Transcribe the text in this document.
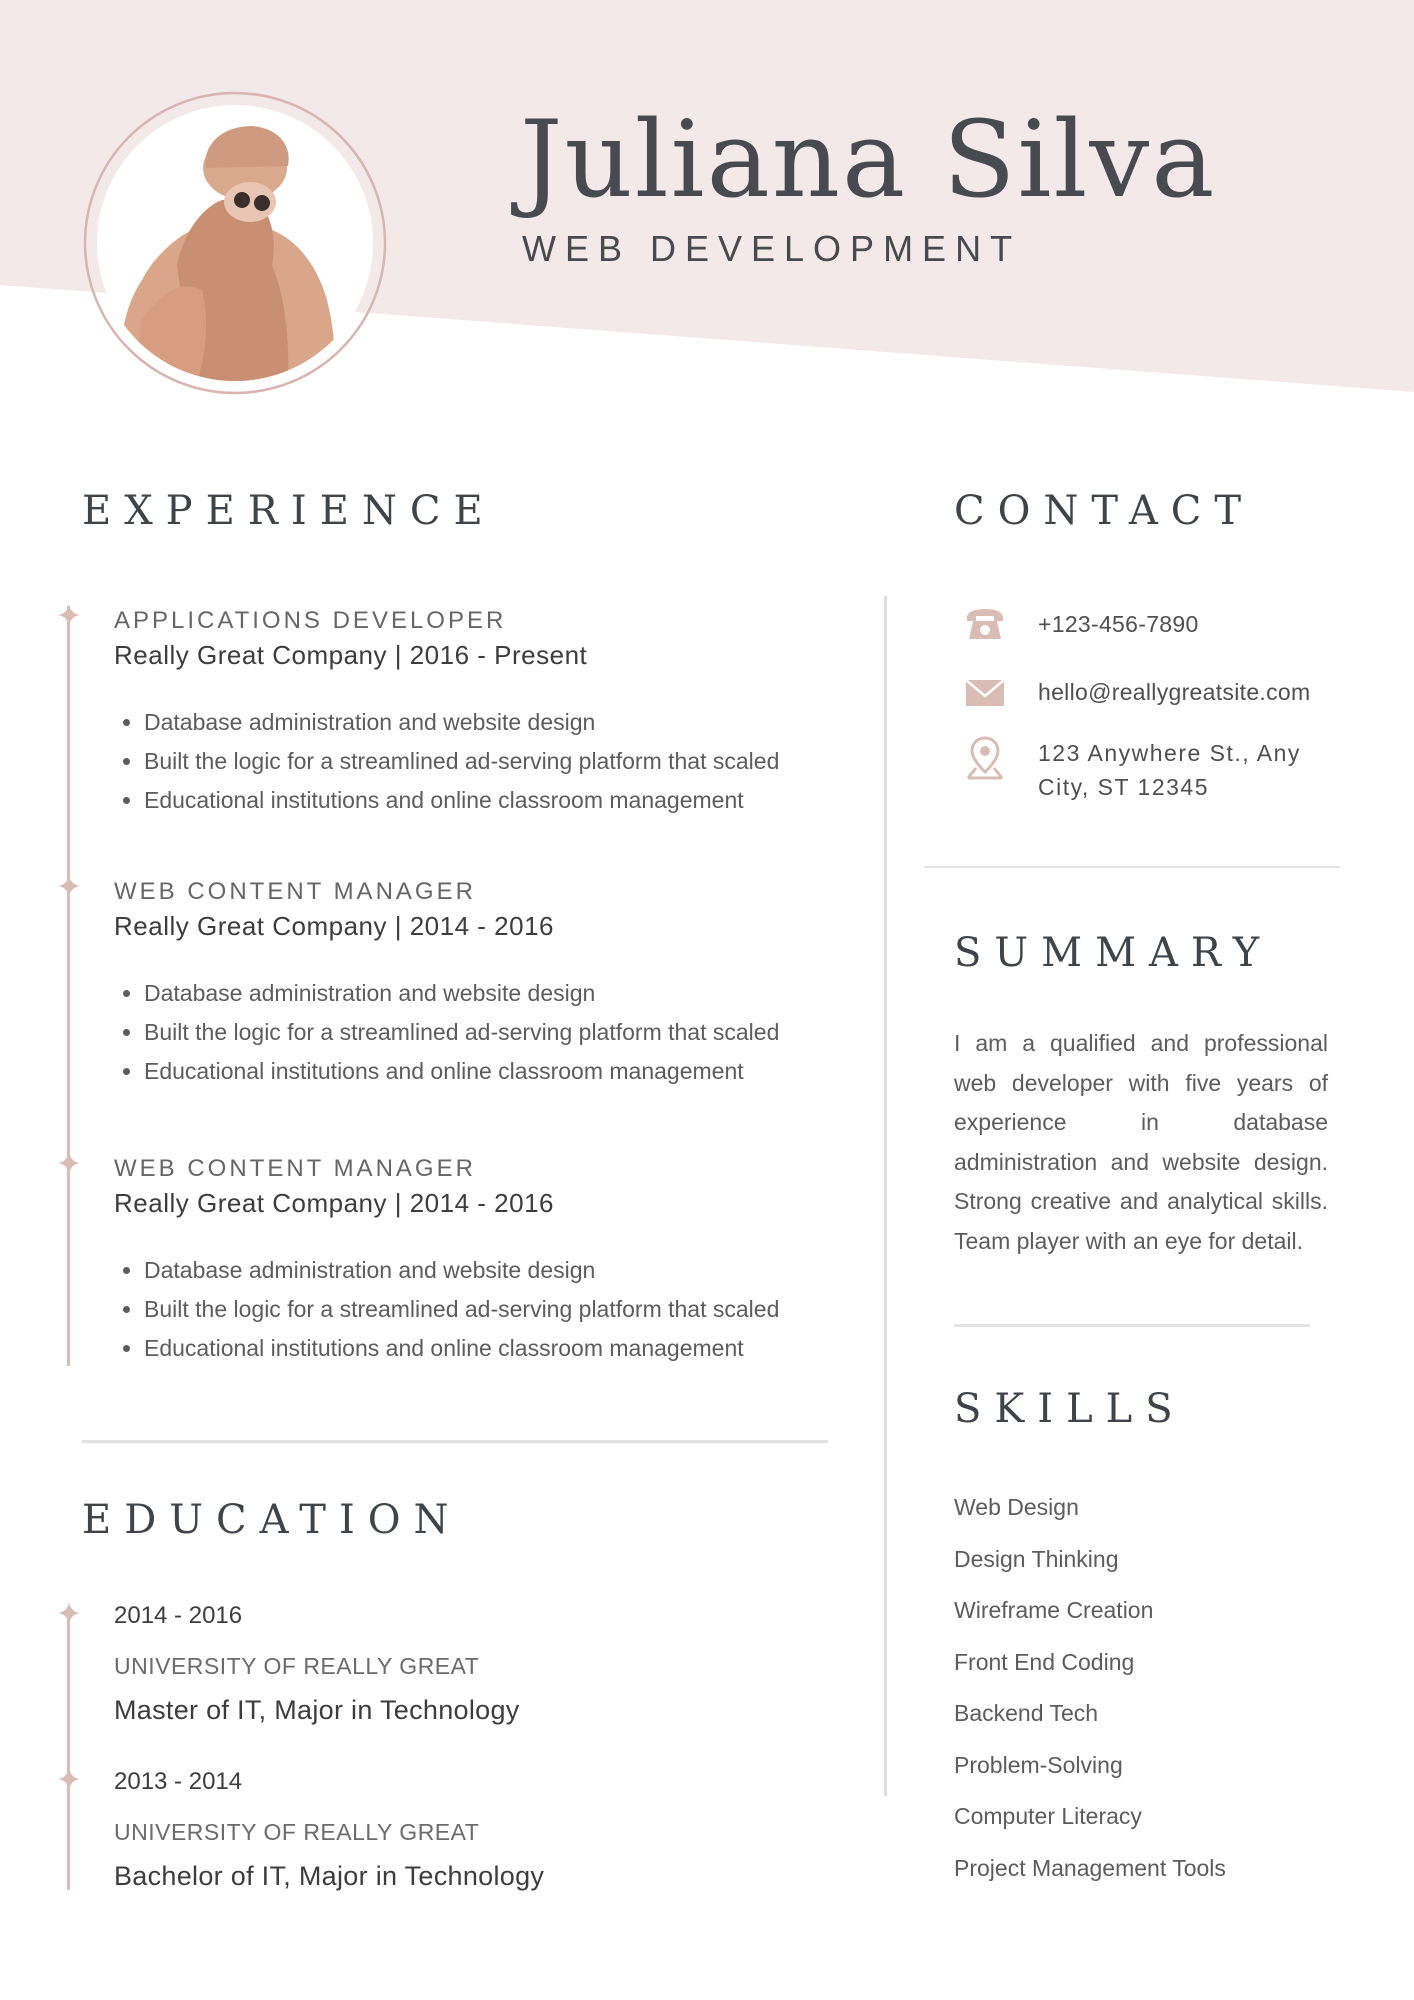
Juliana Silva
WEB DEVELOPMENT
EXPERIENCE
APPLICATIONS DEVELOPER
Really Great Company | 2016 - Present
• Database administration and website design
• Built the logic for a streamlined ad-serving platform that scaled
• Educational institutions and online classroom management
WEB CONTENT MANAGER
Really Great Company | 2014 - 2016
• Database administration and website design
• Built the logic for a streamlined ad-serving platform that scaled
• Educational institutions and online classroom management
WEB CONTENT MANAGER
Really Great Company | 2014 - 2016
• Database administration and website design
• Built the logic for a streamlined ad-serving platform that scaled
• Educational institutions and online classroom management
EDUCATION
2014 - 2016
UNIVERSITY OF REALLY GREAT
Master of IT, Major in Technology
2013 - 2014
UNIVERSITY OF REALLY GREAT
Bachelor of IT, Major in Technology
CONTACT
+123-456-7890
hello@reallygreatsite.com
123 Anywhere St., Any
City, ST 12345
SUMMARY
I am a qualified and professional web developer with five years of experience in database administration and website design. Strong creative and analytical skills. Team player with an eye for detail.
SKILLS
Web Design
Design Thinking
Wireframe Creation
Front End Coding
Backend Tech
Problem-Solving
Computer Literacy
Project Management Tools
